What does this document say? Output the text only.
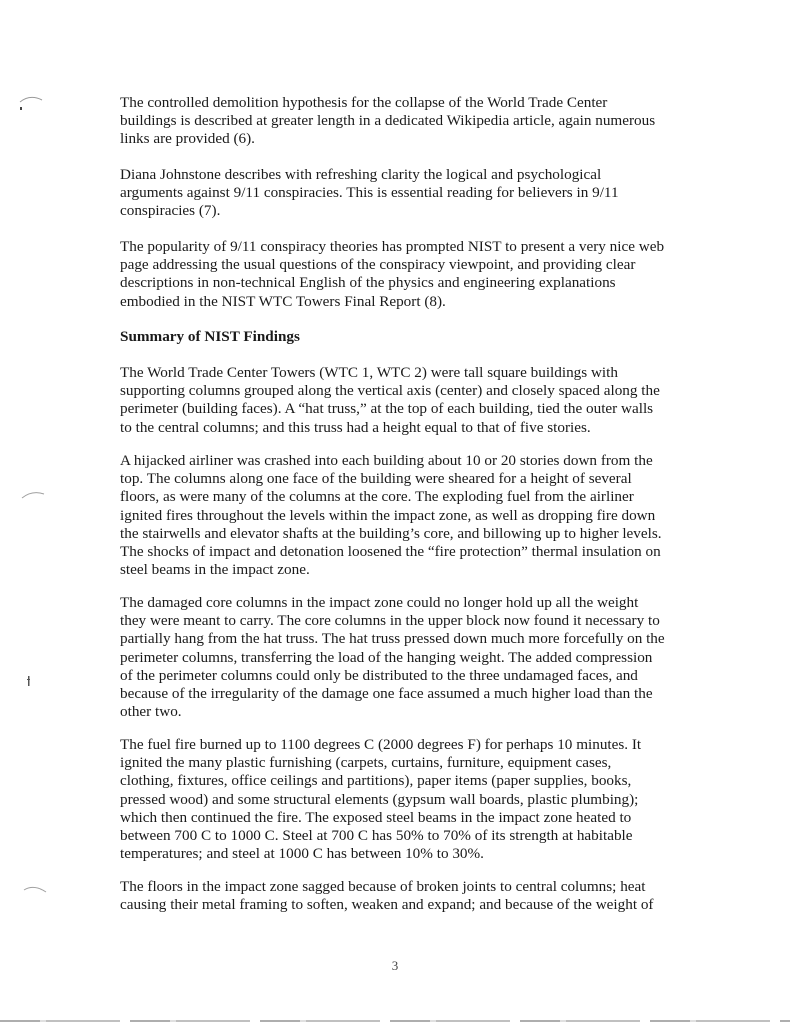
The controlled demolition hypothesis for the collapse of the World Trade Center
buildings is described at greater length in a dedicated Wikipedia article, again numerous
links are provided (6).

Diana Johnstone describes with refreshing clarity the logical and psychological
arguments against 9/11 conspiracies. This is essential reading for believers in 9/11
conspiracies (7).

The popularity of 9/11 conspiracy theories has prompted NIST to present a very nice web
page addressing the usual questions of the conspiracy viewpoint, and providing clear
descriptions in non-technical English of the physics and engineering explanations
embodied in the NIST WTC Towers Final Report (8).

Summary of NIST Findings

The World Trade Center Towers (WTC 1, WTC 2) were tall square buildings with
supporting columns grouped along the vertical axis (center) and closely spaced along the
perimeter (building faces). A “hat truss,” at the top of each building, tied the outer walls
to the central columns; and this truss had a height equal to that of five stories.

A hijacked airliner was crashed into each building about 10 or 20 stories down from the
top. The columns along one face of the building were sheared for a height of several
floors, as were many of the columns at the core. The exploding fuel from the airliner
ignited fires throughout the levels within the impact zone, as well as dropping fire down
the stairwells and elevator shafts at the building’s core, and billowing up to higher levels.
The shocks of impact and detonation loosened the “fire protection” thermal insulation on
steel beams in the impact zone.

The damaged core columns in the impact zone could no longer hold up all the weight
they were meant to carry. The core columns in the upper block now found it necessary to
partially hang from the hat truss. The hat truss pressed down much more forcefully on the
perimeter columns, transferring the load of the hanging weight. The added compression
of the perimeter columns could only be distributed to the three undamaged faces, and
because of the irregularity of the damage one face assumed a much higher load than the
other two.

The fuel fire burned up to 1100 degrees C (2000 degrees F) for perhaps 10 minutes. It
ignited the many plastic furnishing (carpets, curtains, furniture, equipment cases,
clothing, fixtures, office ceilings and partitions), paper items (paper supplies, books,
pressed wood) and some structural elements (gypsum wall boards, plastic plumbing);
which then continued the fire. The exposed steel beams in the impact zone heated to
between 700 C to 1000 C. Steel at 700 C has 50% to 70% of its strength at habitable
temperatures; and steel at 1000 C has between 10% to 30%.

The floors in the impact zone sagged because of broken joints to central columns; heat
causing their metal framing to soften, weaken and expand; and because of the weight of

3
